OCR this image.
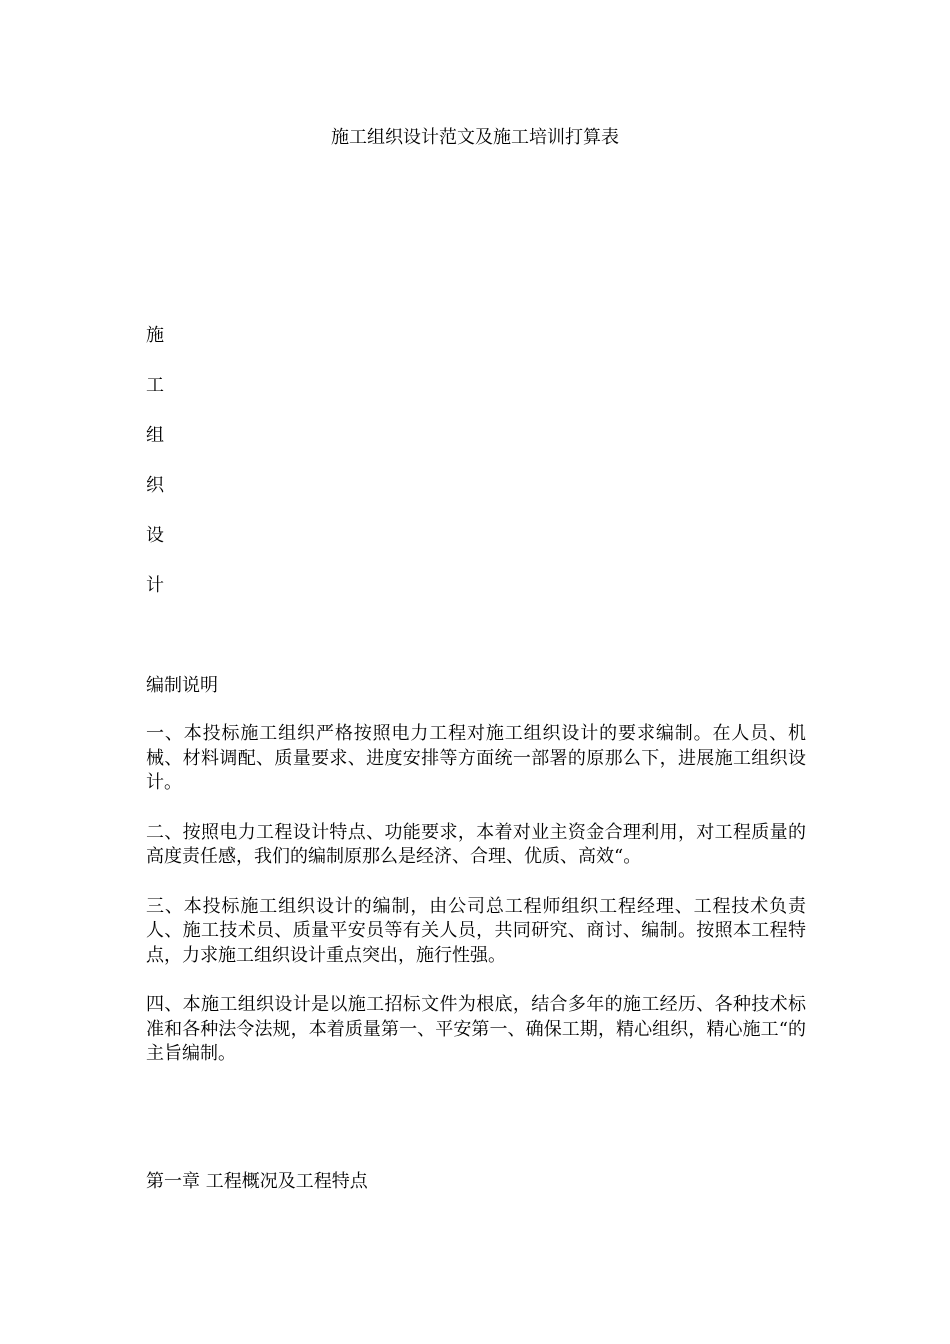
施工组织设计范文及施工培训打算表
施
工
组
织
设
计
编制说明

一、本投标施工组织严格按照电力工程对施工组织设计的要求编制。在人员、机械、材料调配、质量要求、进度安排等方面统一部署的原那么下，进展施工组织设计。

二、按照电力工程设计特点、功能要求，本着对业主资金合理利用，对工程质量的高度责任感，我们的编制原那么是经济、合理、优质、高效“。

三、本投标施工组织设计的编制，由公司总工程师组织工程经理、工程技术负责人、施工技术员、质量平安员等有关人员，共同研究、商讨、编制。按照本工程特点，力求施工组织设计重点突出，施行性强。

四、本施工组织设计是以施工招标文件为根底，结合多年的施工经历、各种技术标准和各种法令法规，本着质量第一、平安第一、确保工期，精心组织，精心施工“的主旨编制。

第一章 工程概况及工程特点
